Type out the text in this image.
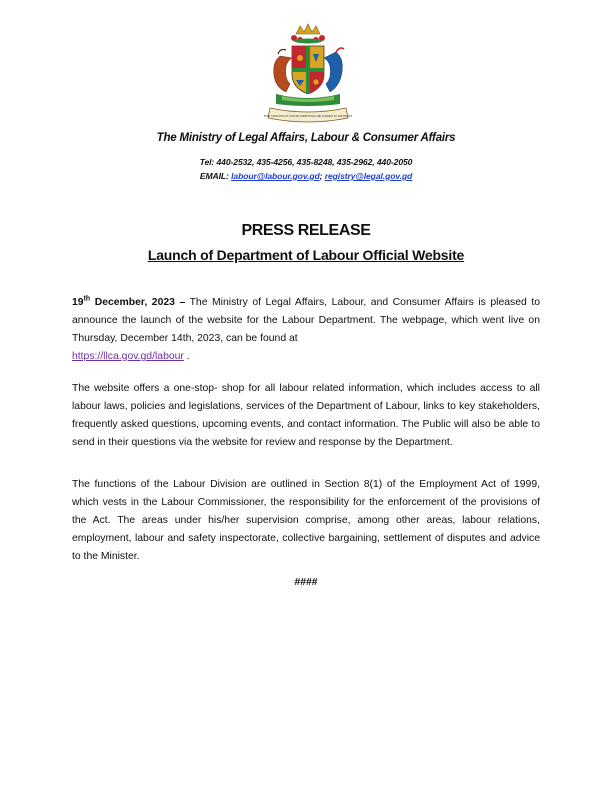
EVER CONSCIOUS OF GOD WE ASPIRE BUILD AND ADVANCE AS ONE PEOPLE
The Ministry of Legal Affairs, Labour & Consumer Affairs
Tel: 440-2532, 435-4256, 435-8248, 435-2962, 440-2050
EMAIL: labour@labour.gov.gd; registry@legal.gov.gd
PRESS RELEASE
Launch of Department of Labour Official Website

19th December, 2023 – The Ministry of Legal Affairs, Labour, and Consumer Affairs is pleased to announce the launch of the website for the Labour Department. The webpage, which went live on Thursday, December 14th, 2023, can be found at
https://llca.gov.gd/labour .

The website offers a one-stop- shop for all labour related information, which includes access to all labour laws, policies and legislations, services of the Department of Labour, links to key stakeholders, frequently asked questions, upcoming events, and contact information. The Public will also be able to send in their questions via the website for review and response by the Department.

The functions of the Labour Division are outlined in Section 8(1) of the Employment Act of 1999, which vests in the Labour Commissioner, the responsibility for the enforcement of the provisions of the Act. The areas under his/her supervision comprise, among other areas, labour relations, employment, labour and safety inspectorate, collective bargaining, settlement of disputes and advice to the Minister.

####
